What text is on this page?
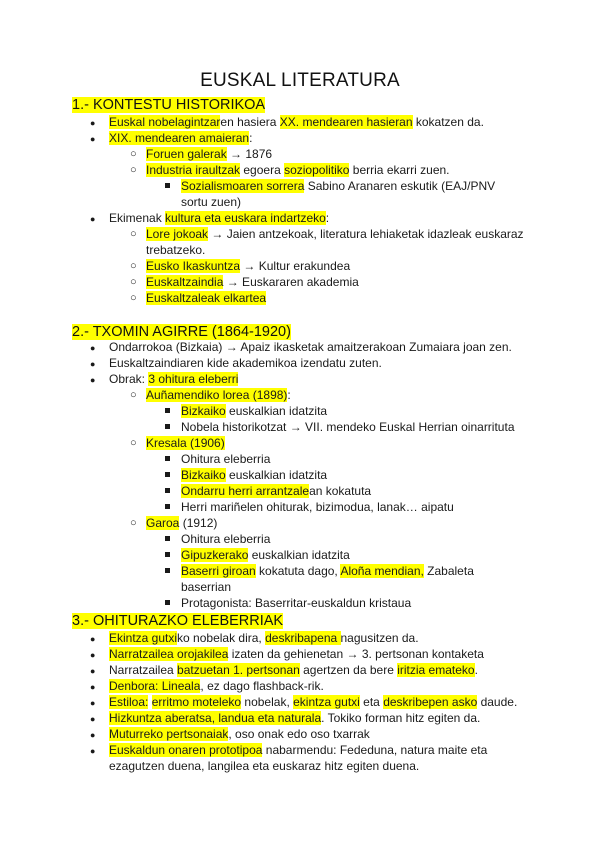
EUSKAL LITERATURA
1.- KONTESTU HISTORIKOA
● Euskal nobelagintzaren hasiera XX. mendearen hasieran kokatzen da.
● XIX. mendearen amaieran:
○ Foruen galerak → 1876
○ Industria iraultzak egoera soziopolitiko berria ekarri zuen.
Sozialismoaren sorrera Sabino Aranaren eskutik (EAJ/PNV
sortu zuen)
● Ekimenak kultura eta euskara indartzeko:
○ Lore jokoak → Jaien antzekoak, literatura lehiaketak idazleak euskaraz
trebatzeko.
○ Eusko Ikaskuntza → Kultur erakundea
○ Euskaltzaindia → Euskararen akademia
○ Euskaltzaleak elkartea
2.- TXOMIN AGIRRE (1864-1920)
● Ondarrokoa (Bizkaia) → Apaiz ikasketak amaitzerakoan Zumaiara joan zen.
● Euskaltzaindiaren kide akademikoa izendatu zuten.
● Obrak: 3 ohitura eleberri
○ Auñamendiko lorea (1898):
Bizkaiko euskalkian idatzita
Nobela historikotzat → VII. mendeko Euskal Herrian oinarrituta
○ Kresala (1906)
Ohitura eleberria
Bizkaiko euskalkian idatzita
Ondarru herri arrantzalean kokatuta
Herri mariñelen ohiturak, bizimodua, lanak… aipatu
○ Garoa (1912)
Ohitura eleberria
Gipuzkerako euskalkian idatzita
Baserri giroan kokatuta dago, Aloña mendian, Zabaleta
baserrian
Protagonista: Baserritar-euskaldun kristaua
3.- OHITURAZKO ELEBERRIAK
● Ekintza gutxiko nobelak dira, deskribapena nagusitzen da.
● Narratzailea orojakilea izaten da gehienetan → 3. pertsonan kontaketa
● Narratzailea batzuetan 1. pertsonan agertzen da bere iritzia emateko.
● Denbora: Lineala, ez dago flashback-rik.
● Estiloa: erritmo moteleko nobelak, ekintza gutxi eta deskribepen asko daude.
● Hizkuntza aberatsa, landua eta naturala. Tokiko forman hitz egiten da.
● Muturreko pertsonaiak, oso onak edo oso txarrak
● Euskaldun onaren prototipoa nabarmendu: Fededuna, natura maite eta
ezagutzen duena, langilea eta euskaraz hitz egiten duena.
